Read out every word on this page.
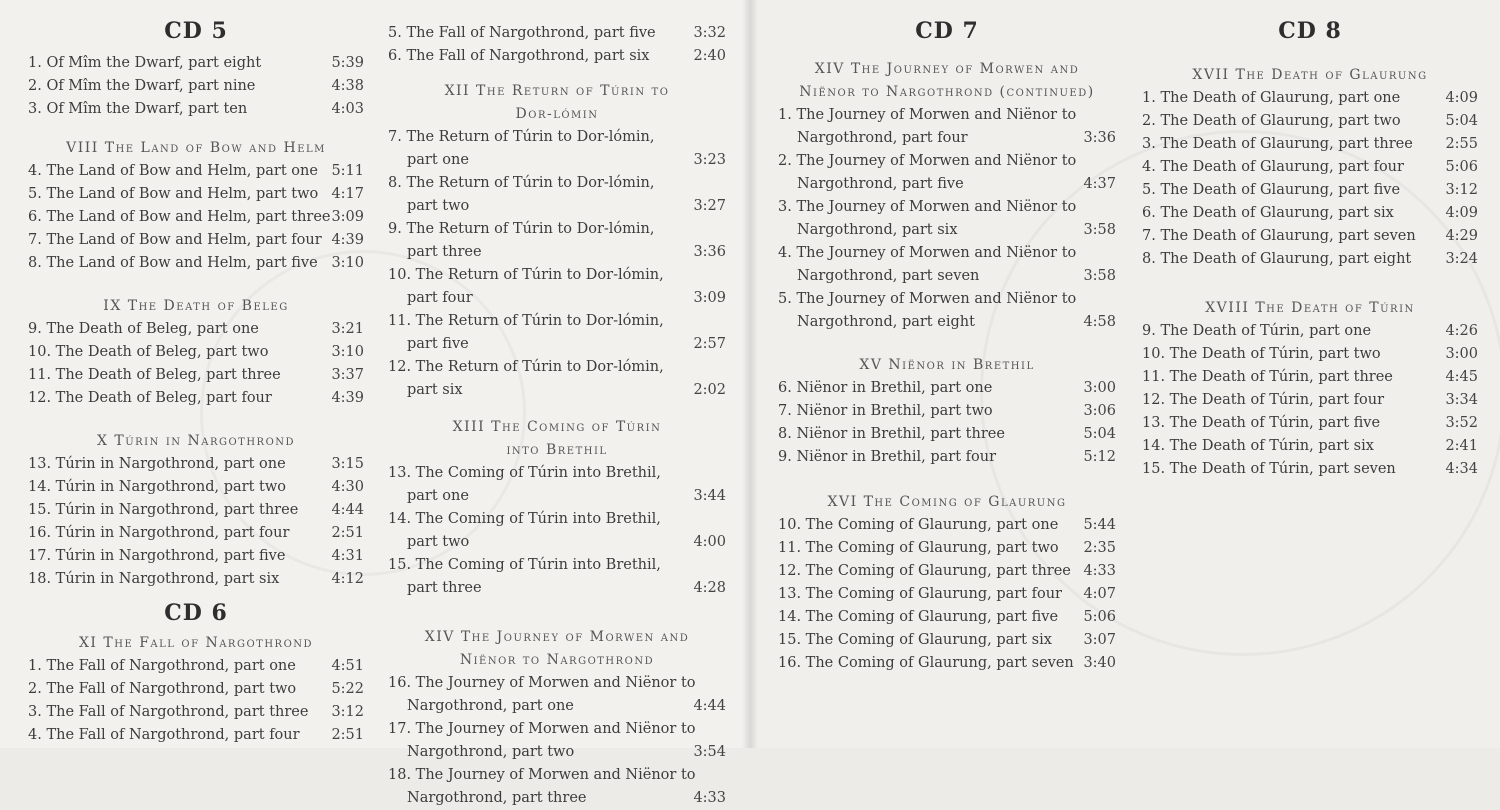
CD 5
1. Of Mîm the Dwarf, part eight	5:39
2. Of Mîm the Dwarf, part nine	4:38
3. Of Mîm the Dwarf, part ten	4:03
VIII The Land of Bow and Helm
4. The Land of Bow and Helm, part one 5:11
5. The Land of Bow and Helm, part two 4:17
6. The Land of Bow and Helm, part three 3:09
7. The Land of Bow and Helm, part four 4:39
8. The Land of Bow and Helm, part five 3:10
IX The Death of Beleg
9. The Death of Beleg, part one	3:21
10. The Death of Beleg, part two	3:10
11. The Death of Beleg, part three	3:37
12. The Death of Beleg, part four	4:39
X Túrin in Nargothrond
13. Túrin in Nargothrond, part one	3:15
14. Túrin in Nargothrond, part two	4:30
15. Túrin in Nargothrond, part three 4:44
16. Túrin in Nargothrond, part four	2:51
17. Túrin in Nargothrond, part five	4:31
18. Túrin in Nargothrond, part six	4:12
CD 6
XI The Fall of Nargothrond
1. The Fall of Nargothrond, part one 4:51
2. The Fall of Nargothrond, part two 5:22
3. The Fall of Nargothrond, part three 3:12
4. The Fall of Nargothrond, part four 2:51
5. The Fall of Nargothrond, part five	3:32
6. The Fall of Nargothrond, part six	2:40
XII The Return of Túrin to
Dor-lómin
7. The Return of Túrin to Dor-lómin,
part one	3:23
8. The Return of Túrin to Dor-lómin,
part two	3:27
9. The Return of Túrin to Dor-lómin,
part three	3:36
10. The Return of Túrin to Dor-lómin,
part four	3:09
11. The Return of Túrin to Dor-lómin,
part five	2:57
12. The Return of Túrin to Dor-lómin,
part six	2:02
XIII The Coming of Túrin
into Brethil
13. The Coming of Túrin into Brethil,
part one	3:44
14. The Coming of Túrin into Brethil,
part two	4:00
15. The Coming of Túrin into Brethil,
part three	4:28
XIV The Journey of Morwen and
Niënor to Nargothrond
16. The Journey of Morwen and Niënor to
Nargothrond, part one	4:44
17. The Journey of Morwen and Niënor to
Nargothrond, part two	3:54
18. The Journey of Morwen and Niënor to
Nargothrond, part three	4:33
CD 7
XIV The Journey of Morwen and
Niënor to Nargothrond (continued)
1. The Journey of Morwen and Niënor to
Nargothrond, part four	3:36
2. The Journey of Morwen and Niënor to
Nargothrond, part five	4:37
3. The Journey of Morwen and Niënor to
Nargothrond, part six	3:58
4. The Journey of Morwen and Niënor to
Nargothrond, part seven	3:58
5. The Journey of Morwen and Niënor to
Nargothrond, part eight	4:58
XV Niënor in Brethil
6. Niënor in Brethil, part one	3:00
7. Niënor in Brethil, part two	3:06
8. Niënor in Brethil, part three	5:04
9. Niënor in Brethil, part four	5:12
XVI The Coming of Glaurung
10. The Coming of Glaurung, part one 5:44
11. The Coming of Glaurung, part two 2:35
12. The Coming of Glaurung, part three 4:33
13. The Coming of Glaurung, part four 4:07
14. The Coming of Glaurung, part five 5:06
15. The Coming of Glaurung, part six 3:07
16. The Coming of Glaurung, part seven 3:40
CD 8
XVII The Death of Glaurung
1. The Death of Glaurung, part one	4:09
2. The Death of Glaurung, part two	5:04
3. The Death of Glaurung, part three 2:55
4. The Death of Glaurung, part four	5:06
5. The Death of Glaurung, part five	3:12
6. The Death of Glaurung, part six	4:09
7. The Death of Glaurung, part seven 4:29
8. The Death of Glaurung, part eight 3:24
XVIII The Death of Túrin
9. The Death of Túrin, part one	4:26
10. The Death of Túrin, part two	3:00
11. The Death of Túrin, part three	4:45
12. The Death of Túrin, part four	3:34
13. The Death of Túrin, part five	3:52
14. The Death of Túrin, part six	2:41
15. The Death of Túrin, part seven	4:34
